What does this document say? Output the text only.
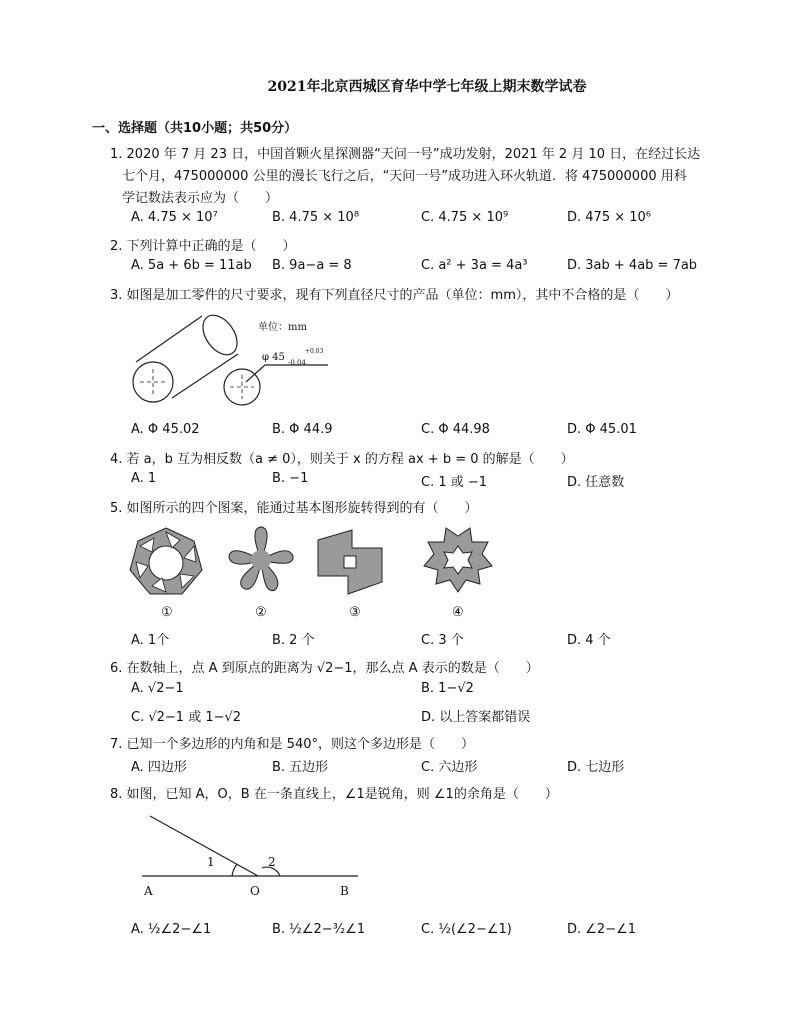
2021年北京西城区育华中学七年级上期末数学试卷
一、选择题（共10小题；共50分）
1. 2020 年 7 月 23 日，中国首颗火星探测器“天问一号”成功发射，2021 年 2 月 10 日，在经过长达
七个月，475000000 公里的漫长飞行之后，“天问一号”成功进入环火轨道．将 475000000 用科
学记数法表示应为（　　）
A. 4.75 × 10⁷	B. 4.75 × 10⁸	C. 4.75 × 10⁹	D. 475 × 10⁶
2. 下列计算中正确的是（　　）
A. 5a + 6b = 11ab B. 9a−a = 8	C. a² + 3a = 4a³	D. 3ab + 4ab = 7ab
3. 如图是加工零件的尺寸要求，现有下列直径尺寸的产品（单位：mm），其中不合格的是（　　）
单位：mm
φ 45
+0.03
-0.04
A. Φ 45.02	B. Φ 44.9	C. Φ 44.98	D. Φ 45.01
4. 若 a，b 互为相反数（a ≠ 0），则关于 x 的方程 ax + b = 0 的解是（　　）
A. 1	B. −1	C. 1 或 −1	D. 任意数
5. 如图所示的四个图案，能通过基本图形旋转得到的有（　　）
①	②	③	④
A. 1个	B. 2 个	C. 3 个	D. 4 个
6. 在数轴上，点 A 到原点的距离为 √2−1，那么点 A 表示的数是（　　）
A. √2−1	B. 1−√2
C. √2−1 或 1−√2	D. 以上答案都错误
7. 已知一个多边形的内角和是 540°，则这个多边形是（　　）
A. 四边形	B. 五边形	C. 六边形	D. 七边形
8. 如图，已知 A，O，B 在一条直线上，∠1是锐角，则 ∠1的余角是（　　）
A	O	B
1	2
A. ½∠2−∠1	B. ½∠2−³⁄₂∠1	C. ½(∠2−∠1)	D. ∠2−∠1
